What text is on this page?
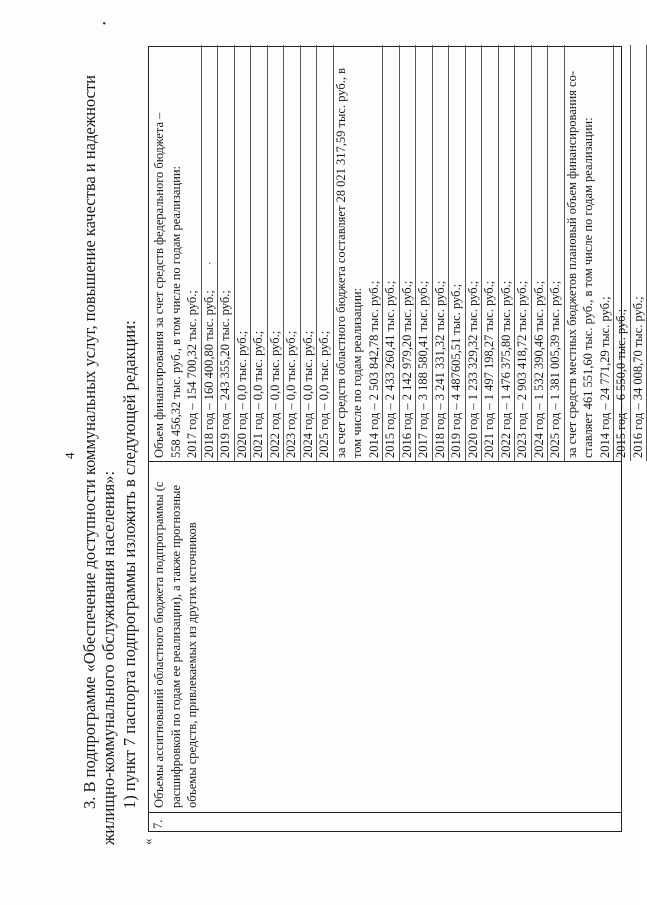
4 3. В подпрограмме «Обеспечение доступности коммунальных услуг, повышение качества и надежности жилищно-коммунального обслуживания населения»: 1) пункт 7 паспорта подпрограммы изложить в следующей редакции:
«
7.
Объемы ассигнований областного бюджета подпрограммы (с расшифровкой по годам ее реализации), а также прогнозные объемы средств, привлекаемых из других источников
Объем финансирования за счет средств федерального бюджета – 558 456,32 тыс. руб., в том числе по годам реализации: 2017 год – 154 700,32 тыс. руб.; 2018 год – 160 400,80 тыс. руб.; 2019 год – 243 355,20 тыс. руб.; 2020 год – 0,0 тыс. руб.; 2021 год – 0,0 тыс. руб.; 2022 год – 0,0 тыс. руб.; 2023 год – 0,0 тыс. руб.; 2024 год – 0,0 тыс. руб.; 2025 год – 0,0 тыс. руб.; за счет средств областного бюджета составляет 28 021 317,59 тыс. руб., в том числе по годам реализации: 2014 год – 2 503 842,78 тыс. руб.; 2015 год – 2 433 260,41 тыс. руб.; 2016 год – 2 142 979,20 тыс. руб.; 2017 год – 3 188 580,41 тыс. руб.; 2018 год – 3 241 331,32 тыс. руб.; 2019 год – 4 487605,51 тыс. руб.; 2020 год – 1 233 329,32 тыс. руб.; 2021 год – 1 497 198,27 тыс. руб.; 2022 год – 1 476 375,80 тыс. руб.; 2023 год – 2 903 418,72 тыс. руб.; 2024 год – 1 532 390,46 тыс. руб.; 2025 год – 1 381 005,39 тыс. руб.; за счет средств местных бюджетов плановый объем финансирования со- ставляет 461 551,60 тыс. руб., в том числе по годам реализации: 2014 год – 24 771,29 тыс. руб.; 2015 год – 6 550,0 тыс. руб.; 2016 год – 34 008,70 тыс. руб.;
•
ˏ
